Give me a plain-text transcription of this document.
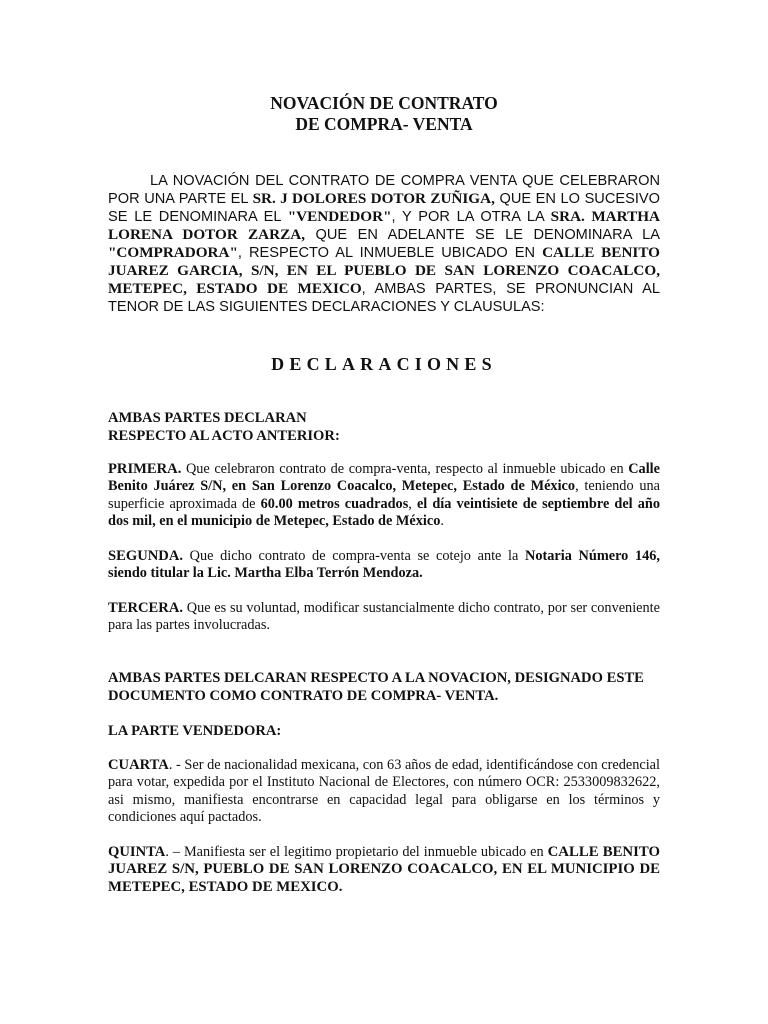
NOVACIÓN DE CONTRATO
DE COMPRA- VENTA
LA NOVACIÓN DEL CONTRATO DE COMPRA VENTA QUE CELEBRARON POR UNA PARTE EL SR. J DOLORES DOTOR ZUÑIGA, QUE EN LO SUCESIVO SE LE DENOMINARA EL "VENDEDOR", Y POR LA OTRA LA SRA. MARTHA LORENA DOTOR ZARZA, QUE EN ADELANTE SE LE DENOMINARA LA "COMPRADORA", RESPECTO AL INMUEBLE UBICADO EN CALLE BENITO JUAREZ GARCIA, S/N, EN EL PUEBLO DE SAN LORENZO COACALCO, METEPEC, ESTADO DE MEXICO, AMBAS PARTES, SE PRONUNCIAN AL TENOR DE LAS SIGUIENTES DECLARACIONES Y CLAUSULAS:
DECLARACIONES
AMBAS PARTES DECLARAN
RESPECTO AL ACTO ANTERIOR:
PRIMERA. Que celebraron contrato de compra-venta, respecto al inmueble ubicado en Calle Benito Juárez S/N, en San Lorenzo Coacalco, Metepec, Estado de México, teniendo una superficie aproximada de 60.00 metros cuadrados, el día veintisiete de septiembre del año dos mil, en el municipio de Metepec, Estado de México.
SEGUNDA. Que dicho contrato de compra-venta se cotejo ante la Notaria Número 146, siendo titular la Lic. Martha Elba Terrón Mendoza.
TERCERA. Que es su voluntad, modificar sustancialmente dicho contrato, por ser conveniente para las partes involucradas.
AMBAS PARTES DELCARAN RESPECTO A LA NOVACION, DESIGNADO ESTE DOCUMENTO COMO CONTRATO DE COMPRA- VENTA.
LA PARTE VENDEDORA:
CUARTA. - Ser de nacionalidad mexicana, con 63 años de edad, identificándose con credencial para votar, expedida por el Instituto Nacional de Electores, con número OCR: 2533009832622, asi mismo, manifiesta encontrarse en capacidad legal para obligarse en los términos y condiciones aquí pactados.
QUINTA. – Manifiesta ser el legitimo propietario del inmueble ubicado en CALLE BENITO JUAREZ S/N, PUEBLO DE SAN LORENZO COACALCO, EN EL MUNICIPIO DE METEPEC, ESTADO DE MEXICO.
